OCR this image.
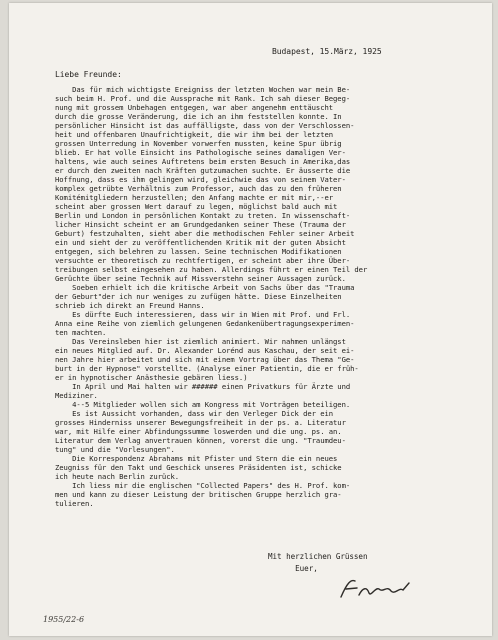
Budapest, 15.März, 1925
Liebe Freunde:
Das für mich wichtigste Ereigniss der letzten Wochen war mein Be-
such beim H. Prof. und die Aussprache mit Rank. Ich sah dieser Begeg-
nung mit grossem Unbehagen entgegen, war aber angenehm enttäuscht
durch die grosse Veränderung, die ich an ihm feststellen konnte. In
persönlicher Hinsicht ist das auffälligste, dass von der Verschlossen-
heit und offenbaren Unaufrichtigkeit, die wir ihm bei der letzten
grossen Unterredung in November vorwerfen mussten, keine Spur übrig
blieb. Er hat volle Einsicht ins Pathologische seines damaligen Ver-
haltens, wie auch seines Auftretens beim ersten Besuch in Amerika,das
er durch den zweiten nach Kräften gutzumachen suchte. Er äusserte die
Hoffnung, dass es ihm gelingen wird, gleichwie das von seinem Vater-
komplex getrübte Verhältnis zum Professor, auch das zu den früheren
Komitémitgliedern herzustellen; den Anfang machte er mit mir,--er
scheint aber grossen Wert darauf zu legen, möglichst bald auch mit
Berlin und London in persönlichen Kontakt zu treten. In wissenschaft-
licher Hinsicht scheint er am Grundgedanken seiner These (Trauma der
Geburt) festzuhalten, sieht aber die methodischen Fehler seiner Arbeit
ein und sieht der zu veröffentlichenden Kritik mit der guten Absicht
entgegen, sich belehren zu lassen. Seine technischen Modifikationen
versuchte er theoretisch zu rechtfertigen, er scheint aber ihre Über-
treibungen selbst eingesehen zu haben. Allerdings führt er einen Teil der
Gerüchte über seine Technik auf Missverstehn seiner Aussagen zurück.
Soeben erhielt ich die kritische Arbeit von Sachs über das "Trauma
der Geburt"der ich nur weniges zu zufügen hätte. Diese Einzelheiten
schrieb ich direkt an Freund Hanns.
Es dürfte Euch interessieren, dass wir in Wien mit Prof. und Frl.
Anna eine Reihe von ziemlich gelungenen Gedankenübertragungsexperimen-
ten machten.
Das Vereinsleben hier ist ziemlich animiert. Wir nahmen unlängst
ein neues Mitglied auf. Dr. Alexander Lorénd aus Kaschau, der seit ei-
nen Jahre hier arbeitet und sich mit einem Vortrag über das Thema "Ge-
burt in der Hypnose" vorstellte. (Analyse einer Patientin, die er früh-
er in hypnotischer Anästhesie gebären liess.)
In April und Mai halten wir ###### einen Privatkurs für Ärzte und
Mediziner.
4--5 Mitglieder wollen sich am Kongress mit Vorträgen beteiligen.
Es ist Aussicht vorhanden, dass wir den Verleger Dick der ein
grosses Hinderniss unserer Bewegungsfreiheit in der ps. a. Literatur
war, mit Hilfe einer Abfindungssumme loswerden und die ung. ps. an.
Literatur dem Verlag anvertrauen können, vorerst die ung. "Traumdeu-
tung" und die "Vorlesungen".
Die Korrespondenz Abrahams mit Pfister und Stern die ein neues
Zeugniss für den Takt und Geschick unseres Präsidenten ist, schicke
ich heute nach Berlin zurück.
Ich liess mir die englischen "Collected Papers" des H. Prof. kom-
men und kann zu dieser Leistung der britischen Gruppe herzlich gra-
tulieren.
Mit herzlichen Grüssen
Euer,
1955/22-6
